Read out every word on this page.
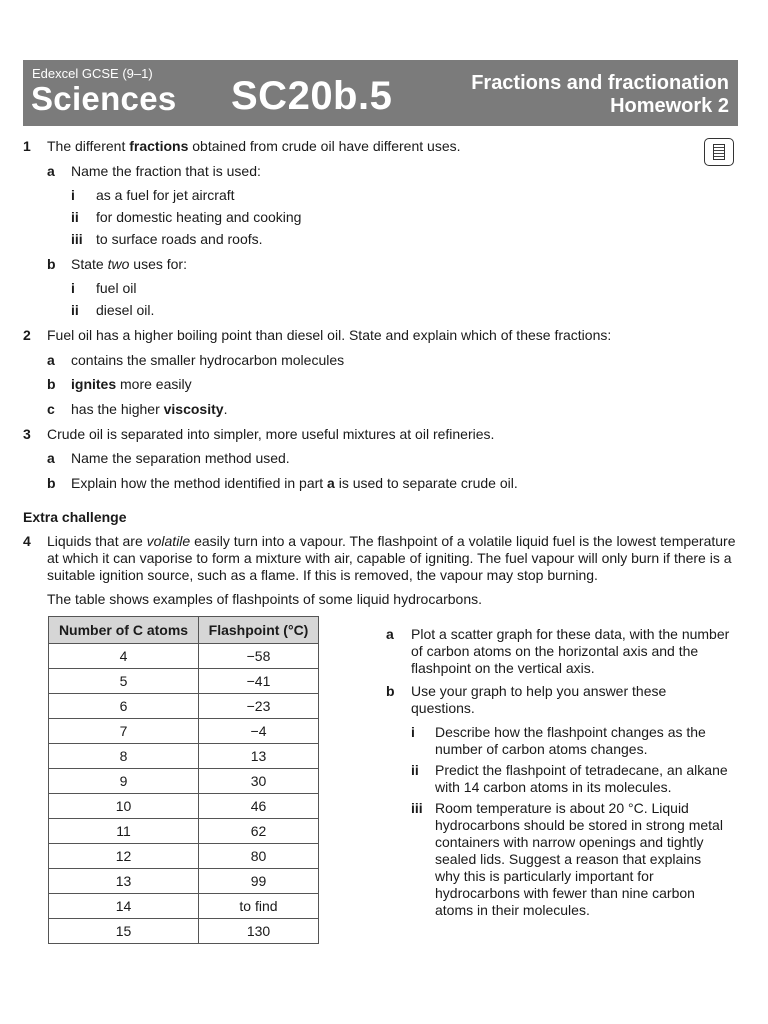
Edexcel GCSE (9–1)
Sciences SC20b.5	Fractions and fractionation
Homework 2
1 The different fractions obtained from crude oil have different uses.
a Name the fraction that is used:
i as a fuel for jet aircraft
ii for domestic heating and cooking
iii to surface roads and roofs.
b State two uses for:
i fuel oil
ii diesel oil.
2 Fuel oil has a higher boiling point than diesel oil. State and explain which of these fractions:
a contains the smaller hydrocarbon molecules
b ignites more easily
c has the higher viscosity.
3 Crude oil is separated into simpler, more useful mixtures at oil refineries.
a Name the separation method used.
b Explain how the method identified in part a is used to separate crude oil.
Extra challenge
4 Liquids that are volatile easily turn into a vapour. The flashpoint of a volatile liquid fuel is the lowest temperature at which it can vaporise to form a mixture with air, capable of igniting. The fuel vapour will only burn if there is a suitable ignition source, such as a flame. If this is removed, the vapour may stop burning.
The table shows examples of flashpoints of some liquid hydrocarbons.
Number of C atoms	Flashpoint (°C)
4	−58
5	−41
6	−23
7	−4
8	13
9	30
10	46
11	62
12	80
13	99
14	to find
15	130
a Plot a scatter graph for these data, with the number of carbon atoms on the horizontal axis and the flashpoint on the vertical axis.
b Use your graph to help you answer these questions.
i Describe how the flashpoint changes as the number of carbon atoms changes.
ii Predict the flashpoint of tetradecane, an alkane with 14 carbon atoms in its molecules.
iii Room temperature is about 20 °C. Liquid hydrocarbons should be stored in strong metal containers with narrow openings and tightly sealed lids. Suggest a reason that explains why this is particularly important for hydrocarbons with fewer than nine carbon atoms in their molecules.
